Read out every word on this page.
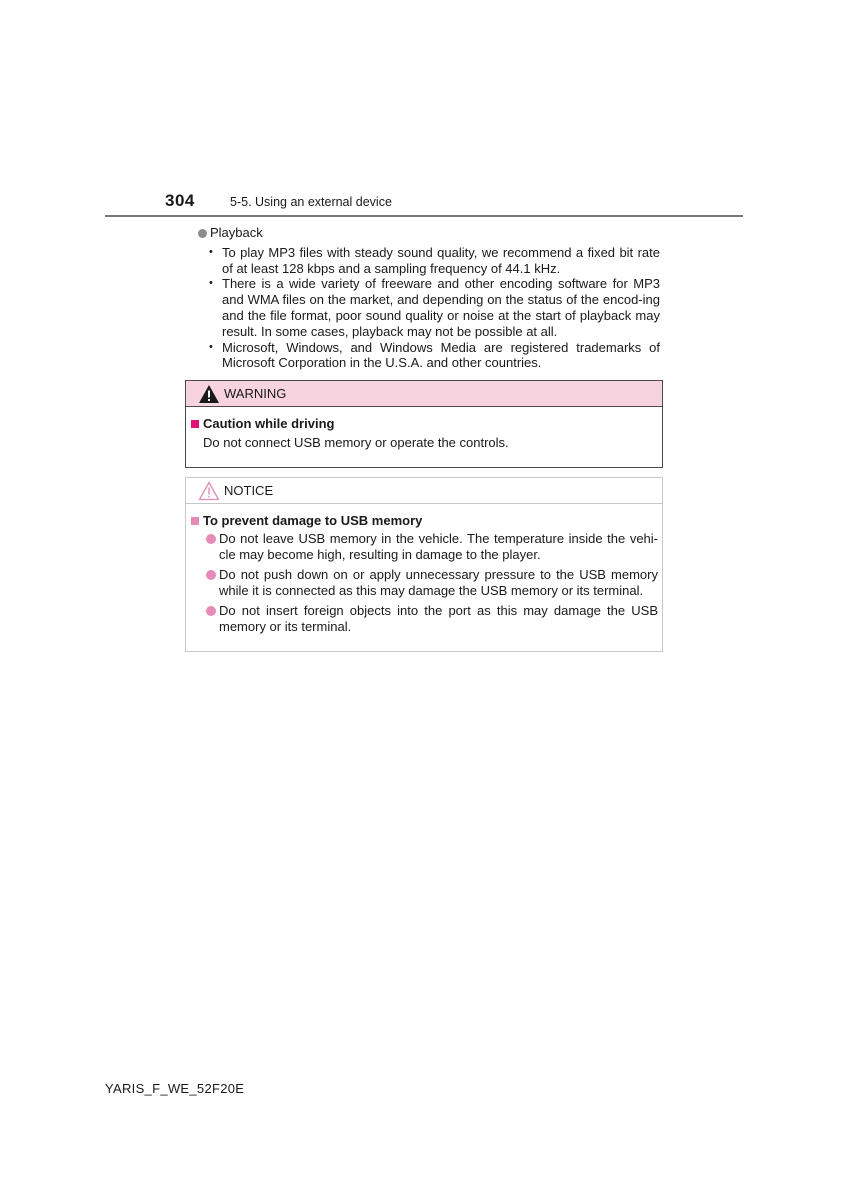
304	5-5. Using an external device
Playback
• To play MP3 files with steady sound quality, we recommend a fixed bit rate of at least 128 kbps and a sampling frequency of 44.1 kHz.
• There is a wide variety of freeware and other encoding software for MP3 and WMA files on the market, and depending on the status of the encod-ing and the file format, poor sound quality or noise at the start of playback may result. In some cases, playback may not be possible at all.
• Microsoft, Windows, and Windows Media are registered trademarks of Microsoft Corporation in the U.S.A. and other countries.
WARNING
Caution while driving
Do not connect USB memory or operate the controls.
NOTICE
To prevent damage to USB memory
Do not leave USB memory in the vehicle. The temperature inside the vehi-cle may become high, resulting in damage to the player.
Do not push down on or apply unnecessary pressure to the USB memory while it is connected as this may damage the USB memory or its terminal.
Do not insert foreign objects into the port as this may damage the USB memory or its terminal.
YARIS_F_WE_52F20E
